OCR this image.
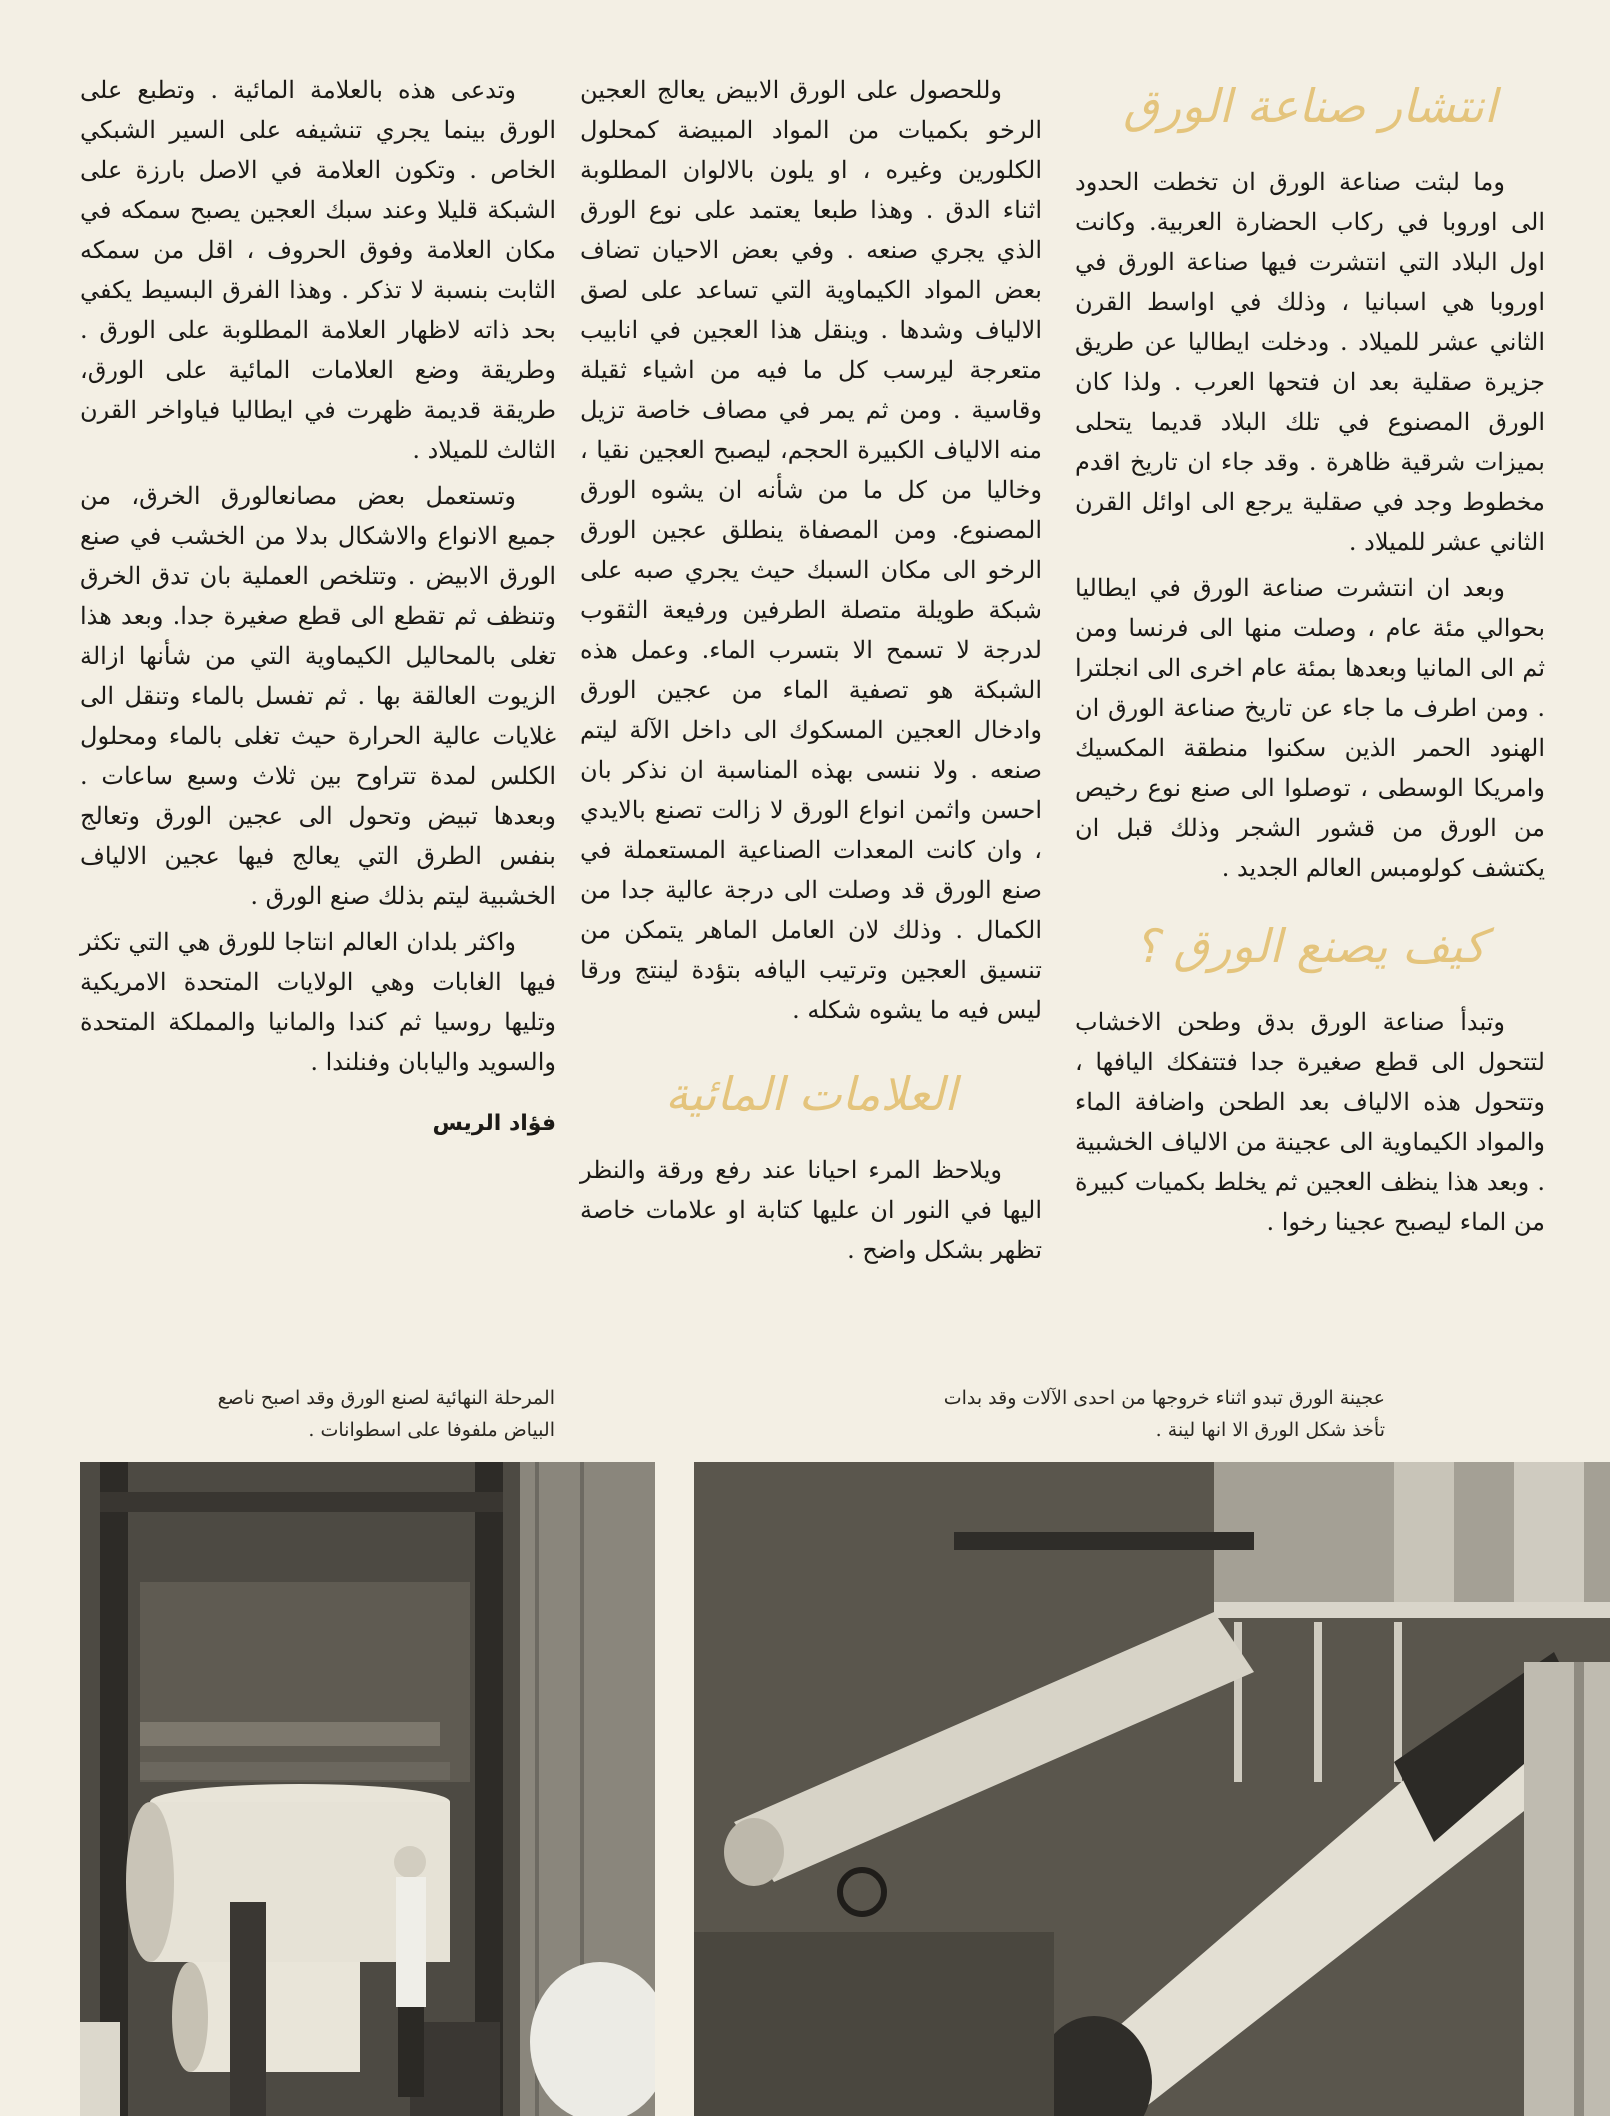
انتشار صناعة الورق

وما لبثت صناعة الورق ان تخطت الحدود الى اوروبا في ركاب الحضارة العربية. وكانت اول البلاد التي انتشرت فيها صناعة الورق في اوروبا هي اسبانيا ، وذلك في اواسط القرن الثاني عشر للميلاد . ودخلت ايطاليا عن طريق جزيرة صقلية بعد ان فتحها العرب . ولذا كان الورق المصنوع في تلك البلاد قديما يتحلى بميزات شرقية ظاهرة . وقد جاء ان تاريخ اقدم مخطوط وجد في صقلية يرجع الى اوائل القرن الثاني عشر للميلاد .

وبعد ان انتشرت صناعة الورق في ايطاليا بحوالي مئة عام ، وصلت منها الى فرنسا ومن ثم الى المانيا وبعدها بمئة عام اخرى الى انجلترا . ومن اطرف ما جاء عن تاريخ صناعة الورق ان الهنود الحمر الذين سكنوا منطقة المكسيك وامريكا الوسطى ، توصلوا الى صنع نوع رخيص من الورق من قشور الشجر وذلك قبل ان يكتشف كولومبس العالم الجديد .

كيف يصنع الورق ؟

وتبدأ صناعة الورق بدق وطحن الاخشاب لتتحول الى قطع صغيرة جدا فتتفكك اليافها ، وتتحول هذه الالياف بعد الطحن واضافة الماء والمواد الكيماوية الى عجينة من الالياف الخشبية . وبعد هذا ينظف العجين ثم يخلط بكميات كبيرة من الماء ليصبح عجينا رخوا .

وللحصول على الورق الابيض يعالج العجين الرخو بكميات من المواد المبيضة كمحلول الكلورين وغيره ، او يلون بالالوان المطلوبة اثناء الدق . وهذا طبعا يعتمد على نوع الورق الذي يجري صنعه . وفي بعض الاحيان تضاف بعض المواد الكيماوية التي تساعد على لصق الالياف وشدها . وينقل هذا العجين في انابيب متعرجة ليرسب كل ما فيه من اشياء ثقيلة وقاسية . ومن ثم يمر في مصاف خاصة تزيل منه الالياف الكبيرة الحجم، ليصبح العجين نقيا ، وخاليا من كل ما من شأنه ان يشوه الورق المصنوع. ومن المصفاة ينطلق عجين الورق الرخو الى مكان السبك حيث يجري صبه على شبكة طويلة متصلة الطرفين ورفيعة الثقوب لدرجة لا تسمح الا بتسرب الماء. وعمل هذه الشبكة هو تصفية الماء من عجين الورق وادخال العجين المسكوك الى داخل الآلة ليتم صنعه . ولا ننسى بهذه المناسبة ان نذكر بان احسن واثمن انواع الورق لا زالت تصنع بالايدي ، وان كانت المعدات الصناعية المستعملة في صنع الورق قد وصلت الى درجة عالية جدا من الكمال . وذلك لان العامل الماهر يتمكن من تنسيق العجين وترتيب اليافه بتؤدة لينتج ورقا ليس فيه ما يشوه شكله .

العلامات المائية

ويلاحظ المرء احيانا عند رفع ورقة والنظر اليها في النور ان عليها كتابة او علامات خاصة تظهر بشكل واضح .

وتدعى هذه بالعلامة المائية . وتطبع على الورق بينما يجري تنشيفه على السير الشبكي الخاص . وتكون العلامة في الاصل بارزة على الشبكة قليلا وعند سبك العجين يصبح سمكه في مكان العلامة وفوق الحروف ، اقل من سمكه الثابت بنسبة لا تذكر . وهذا الفرق البسيط يكفي بحد ذاته لاظهار العلامة المطلوبة على الورق . وطريقة وضع العلامات المائية على الورق، طريقة قديمة ظهرت في ايطاليا فياواخر القرن الثالث للميلاد .

وتستعمل بعض مصانعالورق الخرق، من جميع الانواع والاشكال بدلا من الخشب في صنع الورق الابيض . وتتلخص العملية بان تدق الخرق وتنظف ثم تقطع الى قطع صغيرة جدا. وبعد هذا تغلى بالمحاليل الكيماوية التي من شأنها ازالة الزيوت العالقة بها . ثم تفسل بالماء وتنقل الى غلايات عالية الحرارة حيث تغلى بالماء ومحلول الكلس لمدة تتراوح بين ثلاث وسبع ساعات . وبعدها تبيض وتحول الى عجين الورق وتعالج بنفس الطرق التي يعالج فيها عجين الالياف الخشبية ليتم بذلك صنع الورق .

واكثر بلدان العالم انتاجا للورق هي التي تكثر فيها الغابات وهي الولايات المتحدة الامريكية وتليها روسيا ثم كندا والمانيا والمملكة المتحدة والسويد واليابان وفنلندا .

فؤاد الريس
عجينة الورق تبدو اثناء خروجها من احدى الآلات وقد بدات تأخذ شكل الورق الا انها لينة .
المرحلة النهائية لصنع الورق وقد اصبح ناصع البياض ملفوفا على اسطوانات .
